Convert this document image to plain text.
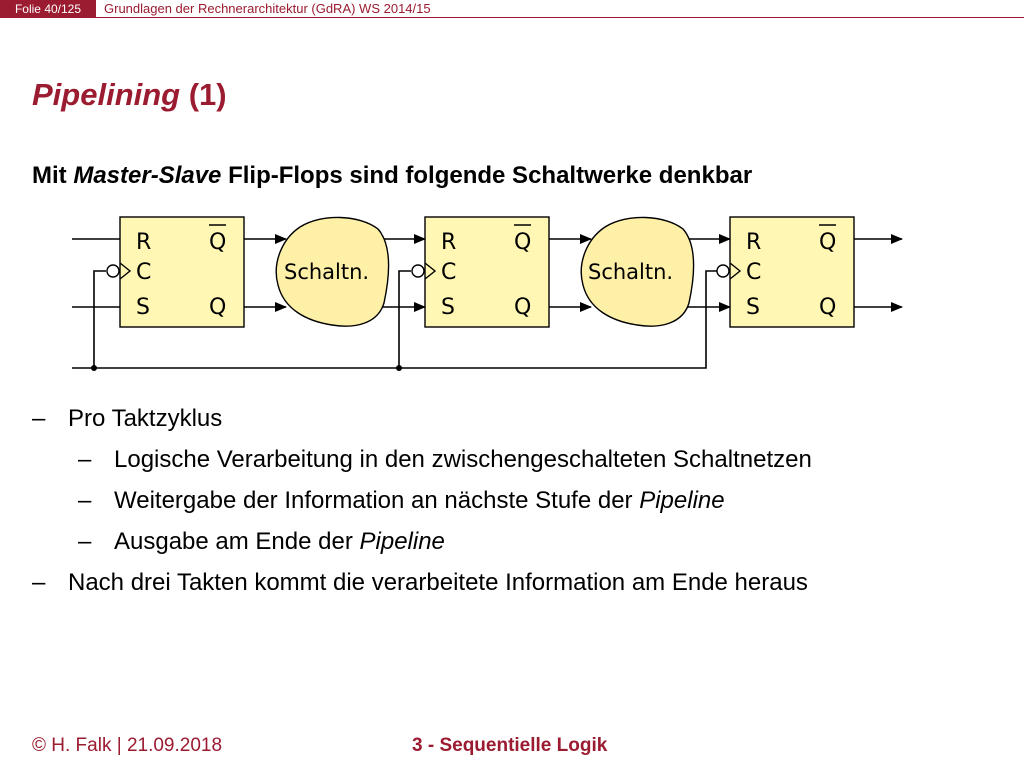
Folie 40/125	Grundlagen der Rechnerarchitektur (GdRA) WS 2014/15
Pipelining (1)

Mit Master-Slave Flip-Flops sind folgende Schaltwerke denkbar

R
C
S
Q
Q
R
C
S
Q
Q
R
C
S
Q
Q
Schaltn.	Schaltn.
– Pro Taktzyklus
– Logische Verarbeitung in den zwischengeschalteten Schaltnetzen
– Weitergabe der Information an nächste Stufe der Pipeline
– Ausgabe am Ende der Pipeline
– Nach drei Takten kommt die verarbeitete Information am Ende heraus
© H. Falk | 21.09.2018	3 - Sequentielle Logik
